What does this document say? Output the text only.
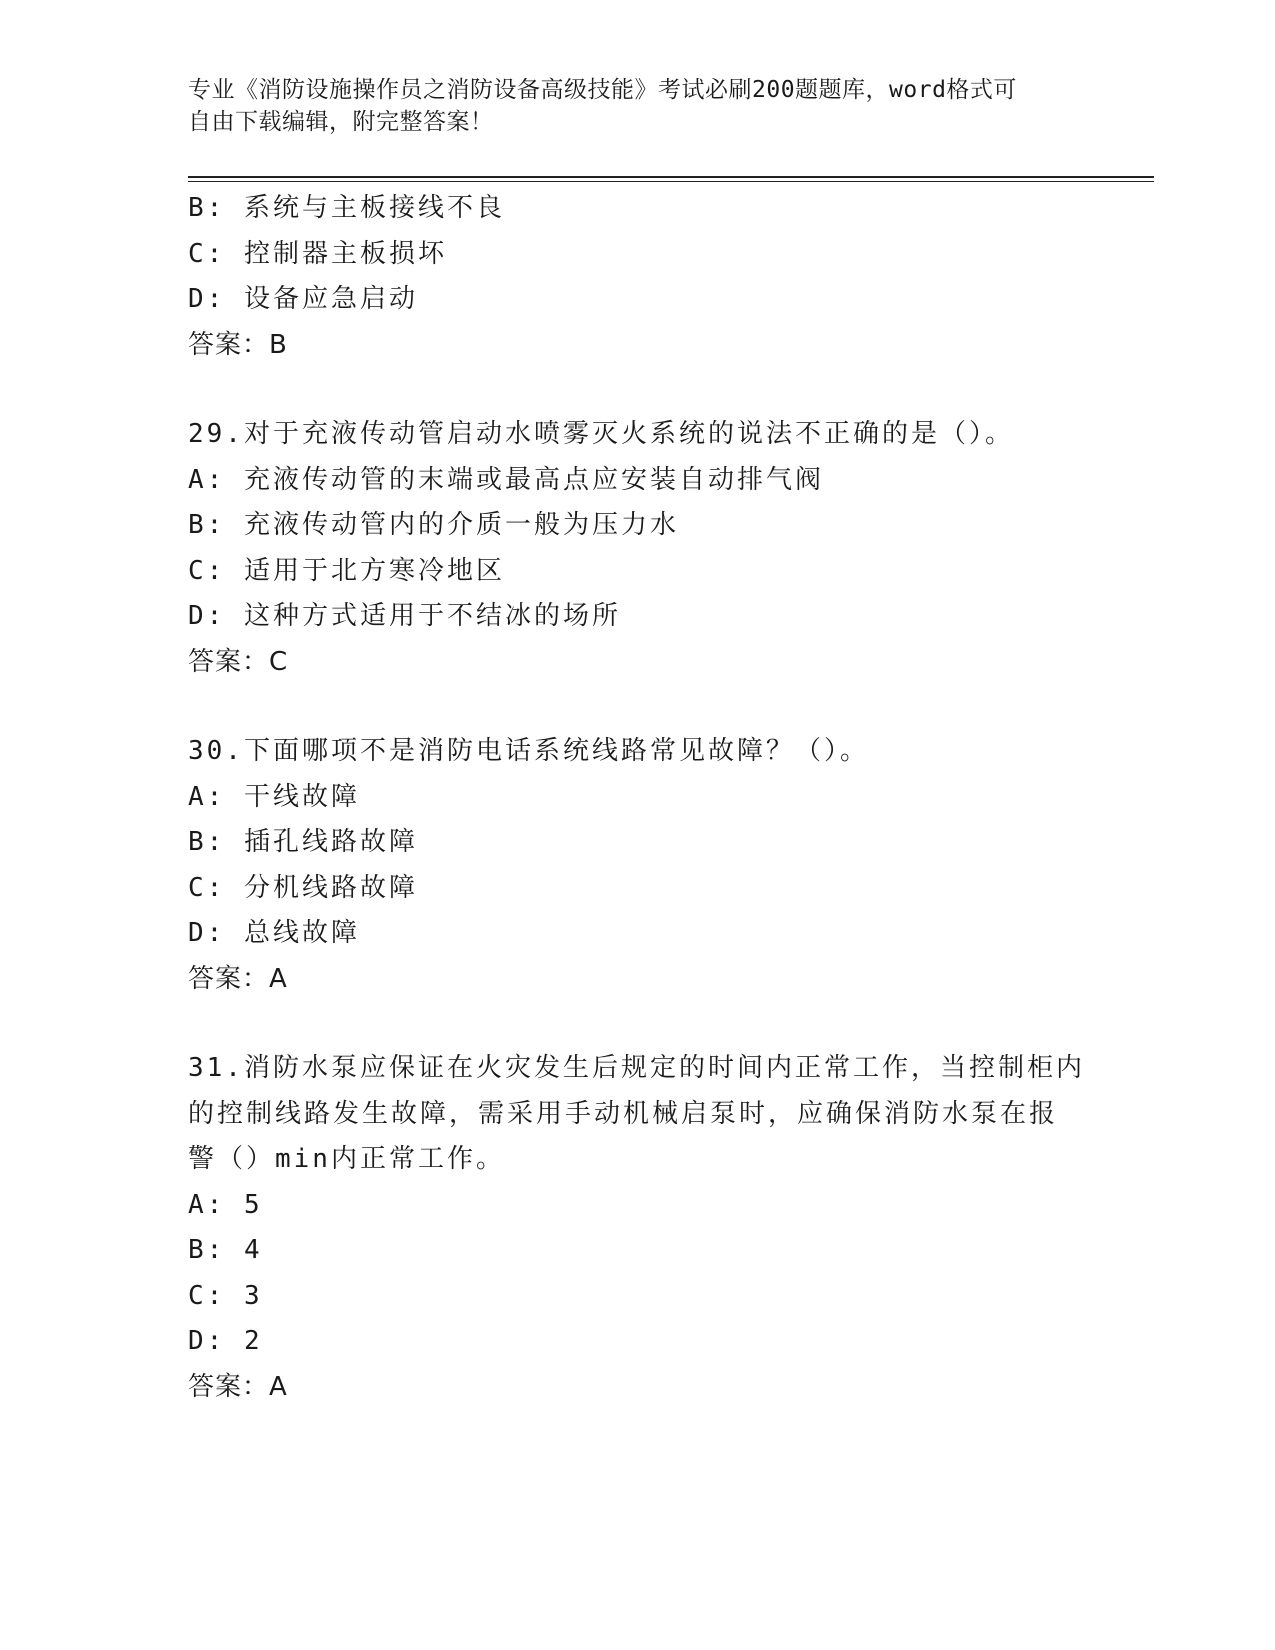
专业《消防设施操作员之消防设备高级技能》考试必刷200题题库，word格式可
自由下载编辑，附完整答案！
B: 系统与主板接线不良
C: 控制器主板损坏
D: 设备应急启动
答案：B
29.对于充液传动管启动水喷雾灭火系统的说法不正确的是（）。
A: 充液传动管的末端或最高点应安装自动排气阀
B: 充液传动管内的介质一般为压力水
C: 适用于北方寒冷地区
D: 这种方式适用于不结冰的场所
答案：C
30.下面哪项不是消防电话系统线路常见故障？（）。
A: 干线故障
B: 插孔线路故障
C: 分机线路故障
D: 总线故障
答案：A
31.消防水泵应保证在火灾发生后规定的时间内正常工作，当控制柜内
的控制线路发生故障，需采用手动机械启泵时，应确保消防水泵在报
警（）min内正常工作。
A: 5
B: 4
C: 3
D: 2
答案：A
